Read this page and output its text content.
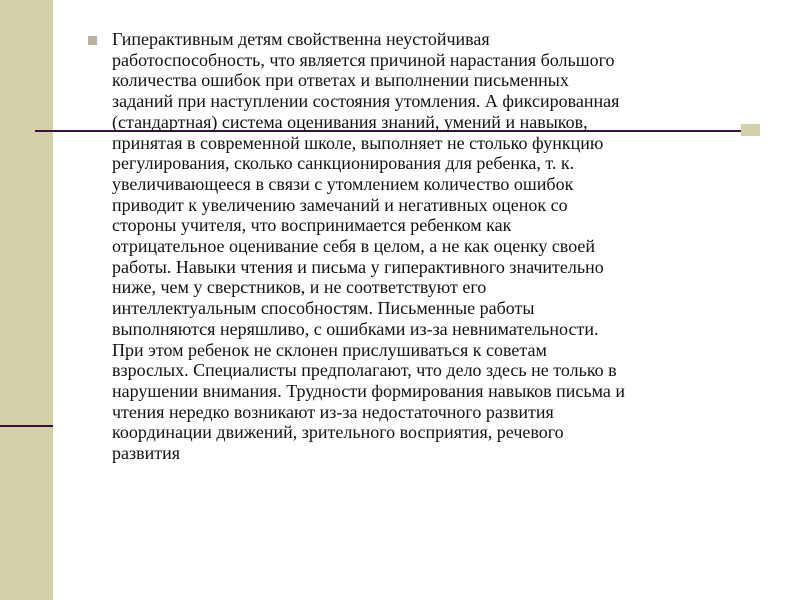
Гиперактивным детям свойственна неустойчивая
работоспособность, что является причиной нарастания большого
количества ошибок при ответах и выполнении письменных
заданий при наступлении состояния утомления. А фиксированная
(стандартная) система оценивания знаний, умений и навыков,
принятая в современной школе, выполняет не столько функцию
регулирования, сколько санкционирования для ребенка, т. к.
увеличивающееся в связи с утомлением количество ошибок
приводит к увеличению замечаний и негативных оценок со
стороны учителя, что воспринимается ребенком как
отрицательное оценивание себя в целом, а не как оценку своей
работы. Навыки чтения и письма у гиперактивного значительно
ниже, чем у сверстников, и не соответствуют его
интеллектуальным способностям. Письменные работы
выполняются неряшливо, с ошибками из-за невнимательности.
При этом ребенок не склонен прислушиваться к советам
взрослых. Специалисты предполагают, что дело здесь не только в
нарушении внимания. Трудности формирования навыков письма и
чтения нередко возникают из-за недостаточного развития
координации движений, зрительного восприятия, речевого
развития
